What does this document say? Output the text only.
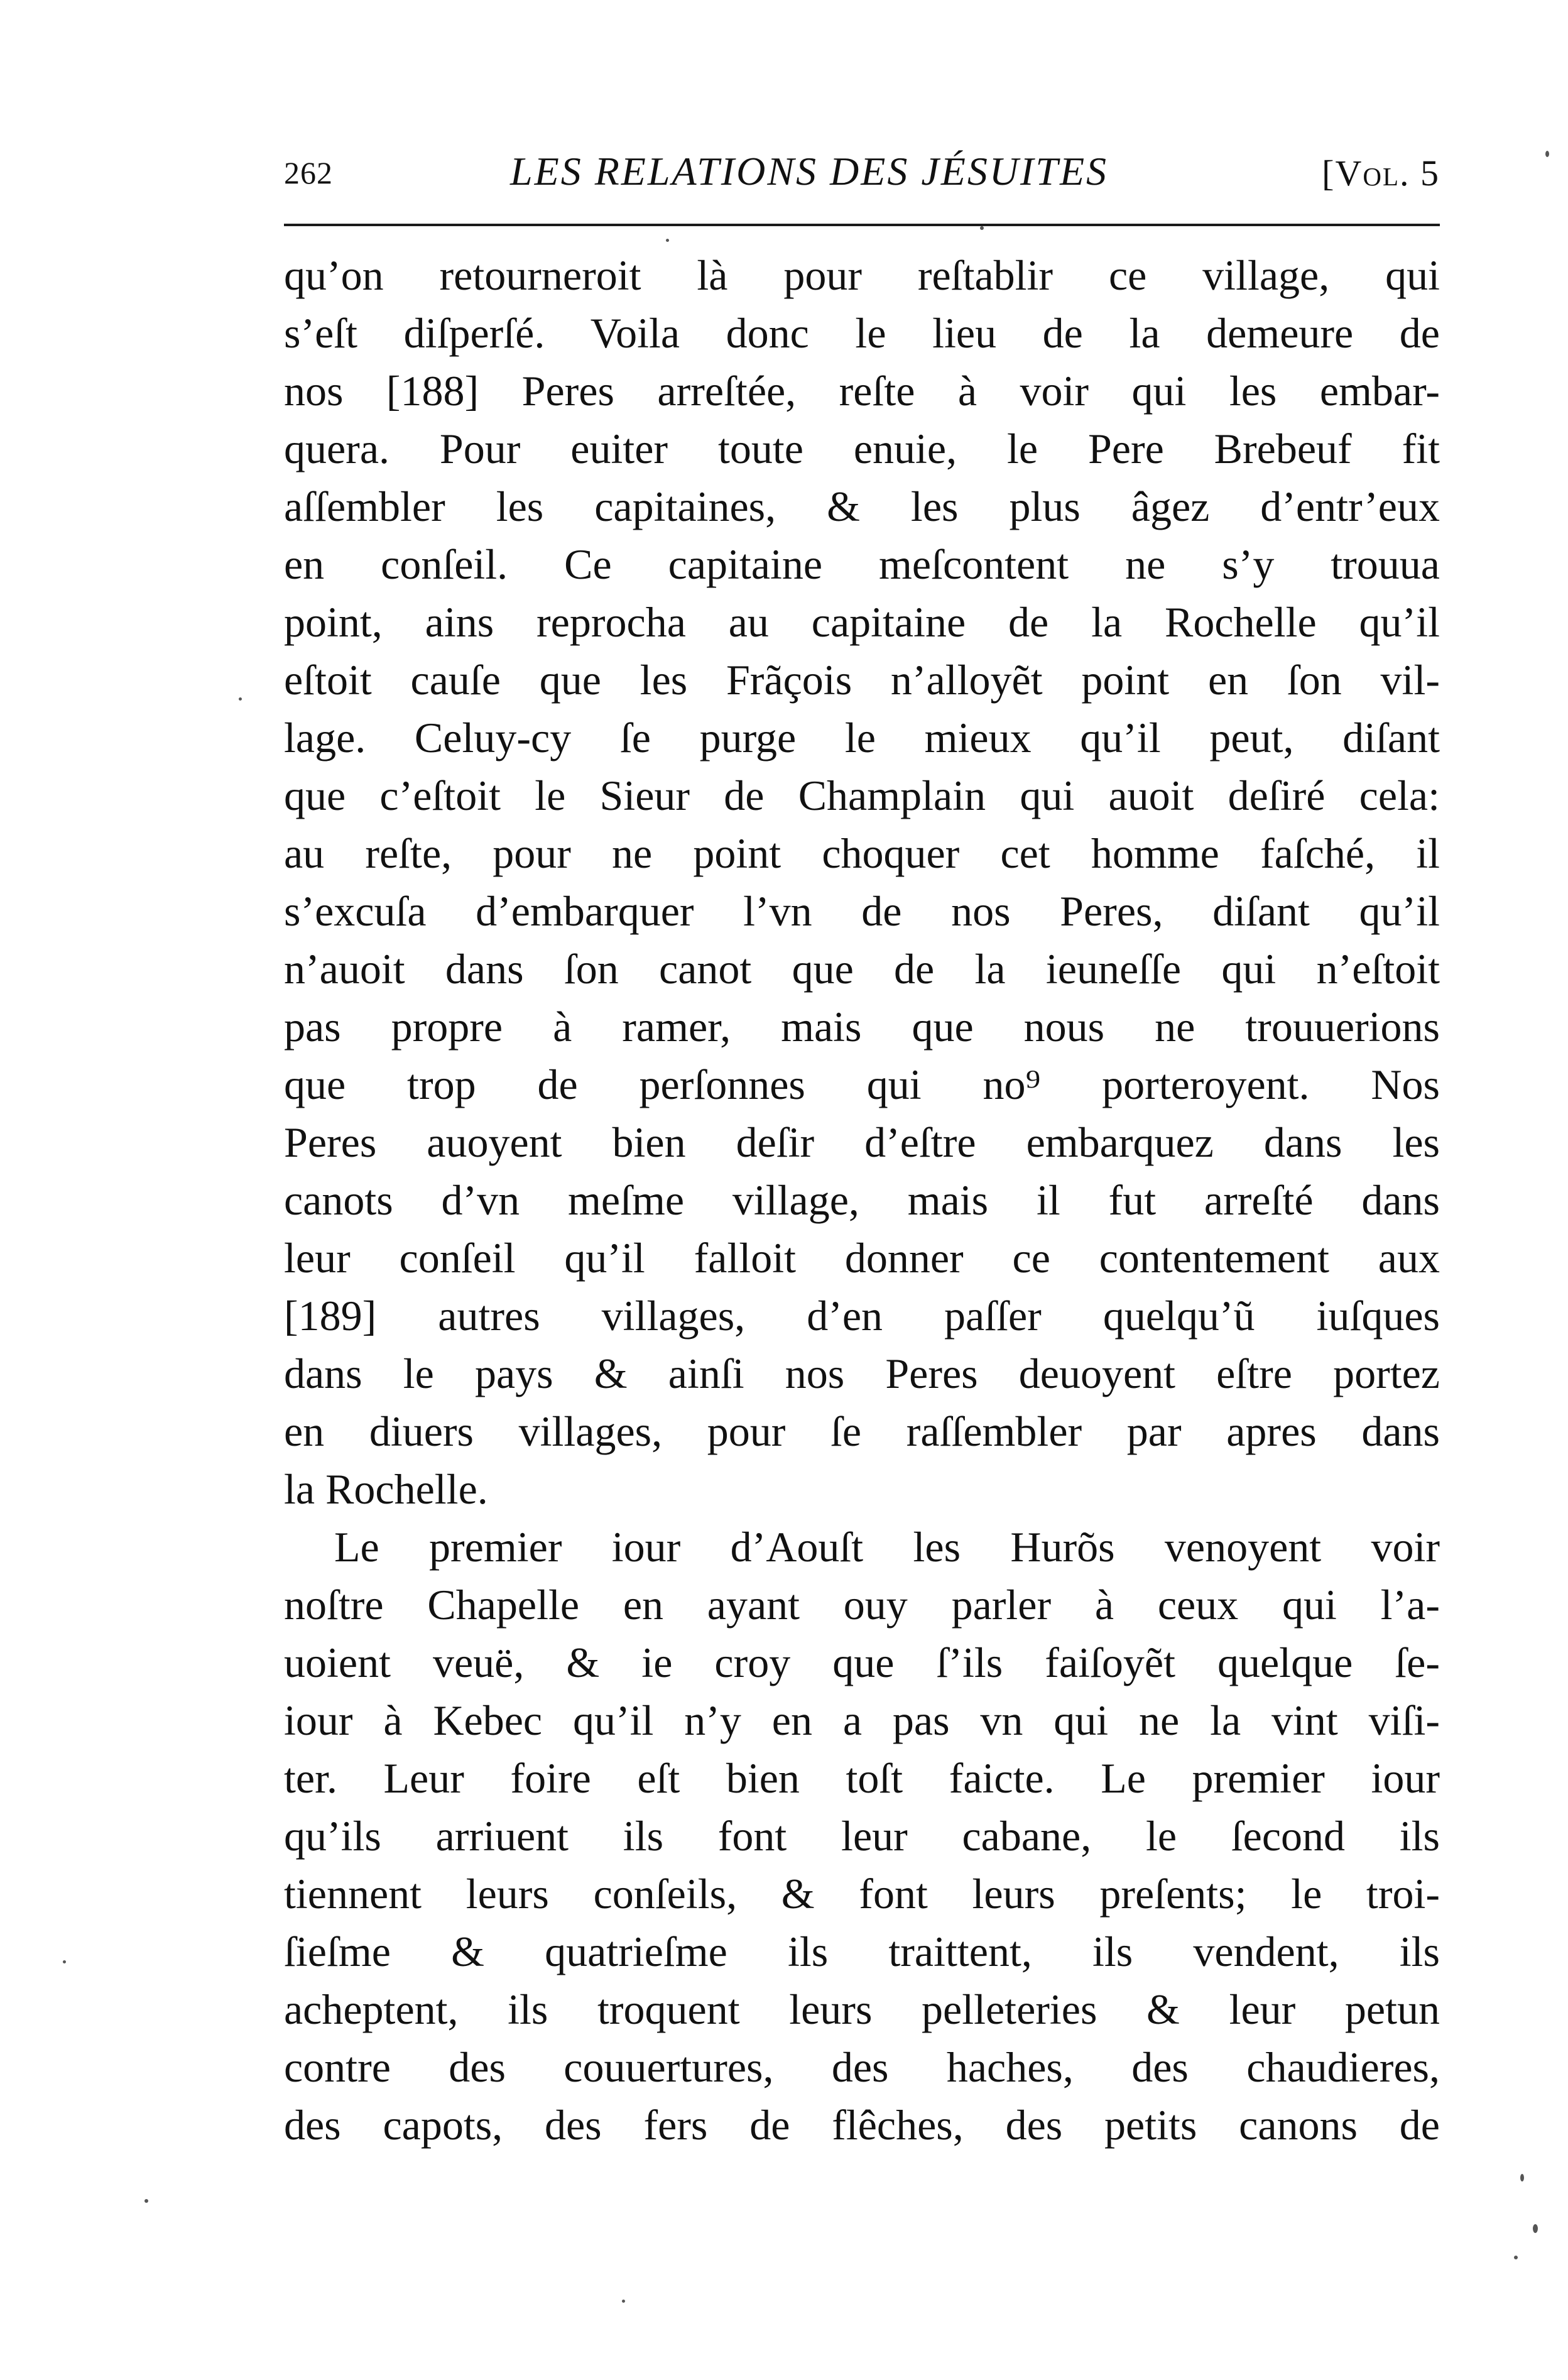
262	LES RELATIONS DES JÉSUITES	[Vol. 5
qu’on retourneroit là pour reſtablir ce village, qui
s’eſt diſperſé. Voila donc le lieu de la demeure de
nos [188] Peres arreſtée, reſte à voir qui les embar-
quera. Pour euiter toute enuie, le Pere Brebeuf fit
aſſembler les capitaines, & les plus âgez d’entr’eux
en conſeil. Ce capitaine meſcontent ne s’y trouua
point, ains reprocha au capitaine de la Rochelle qu’il
eſtoit cauſe que les Frãçois n’alloyẽt point en ſon vil-
lage. Celuy-cy ſe purge le mieux qu’il peut, diſant
que c’eſtoit le Sieur de Champlain qui auoit deſiré cela:
au reſte, pour ne point choquer cet homme faſché, il
s’excuſa d’embarquer l’vn de nos Peres, diſant qu’il
n’auoit dans ſon canot que de la ieuneſſe qui n’eſtoit
pas propre à ramer, mais que nous ne trouuerions
que trop de perſonnes qui no⁹ porteroyent. Nos
Peres auoyent bien deſir d’eſtre embarquez dans les
canots d’vn meſme village, mais il fut arreſté dans
leur conſeil qu’il falloit donner ce contentement aux
[189] autres villages, d’en paſſer quelqu’ũ iuſques
dans le pays & ainſi nos Peres deuoyent eſtre portez
en diuers villages, pour ſe raſſembler par apres dans
la Rochelle.
Le premier iour d’Aouſt les Hurõs venoyent voir
noſtre Chapelle en ayant ouy parler à ceux qui l’a-
uoient veuë, & ie croy que ſ’ils faiſoyẽt quelque ſe-
iour à Kebec qu’il n’y en a pas vn qui ne la vint viſi-
ter. Leur foire eſt bien toſt faicte. Le premier iour
qu’ils arriuent ils font leur cabane, le ſecond ils
tiennent leurs conſeils, & font leurs preſents; le troi-
ſieſme & quatrieſme ils traittent, ils vendent, ils
acheptent, ils troquent leurs pelleteries & leur petun
contre des couuertures, des haches, des chaudieres,
des capots, des fers de flêches, des petits canons de
